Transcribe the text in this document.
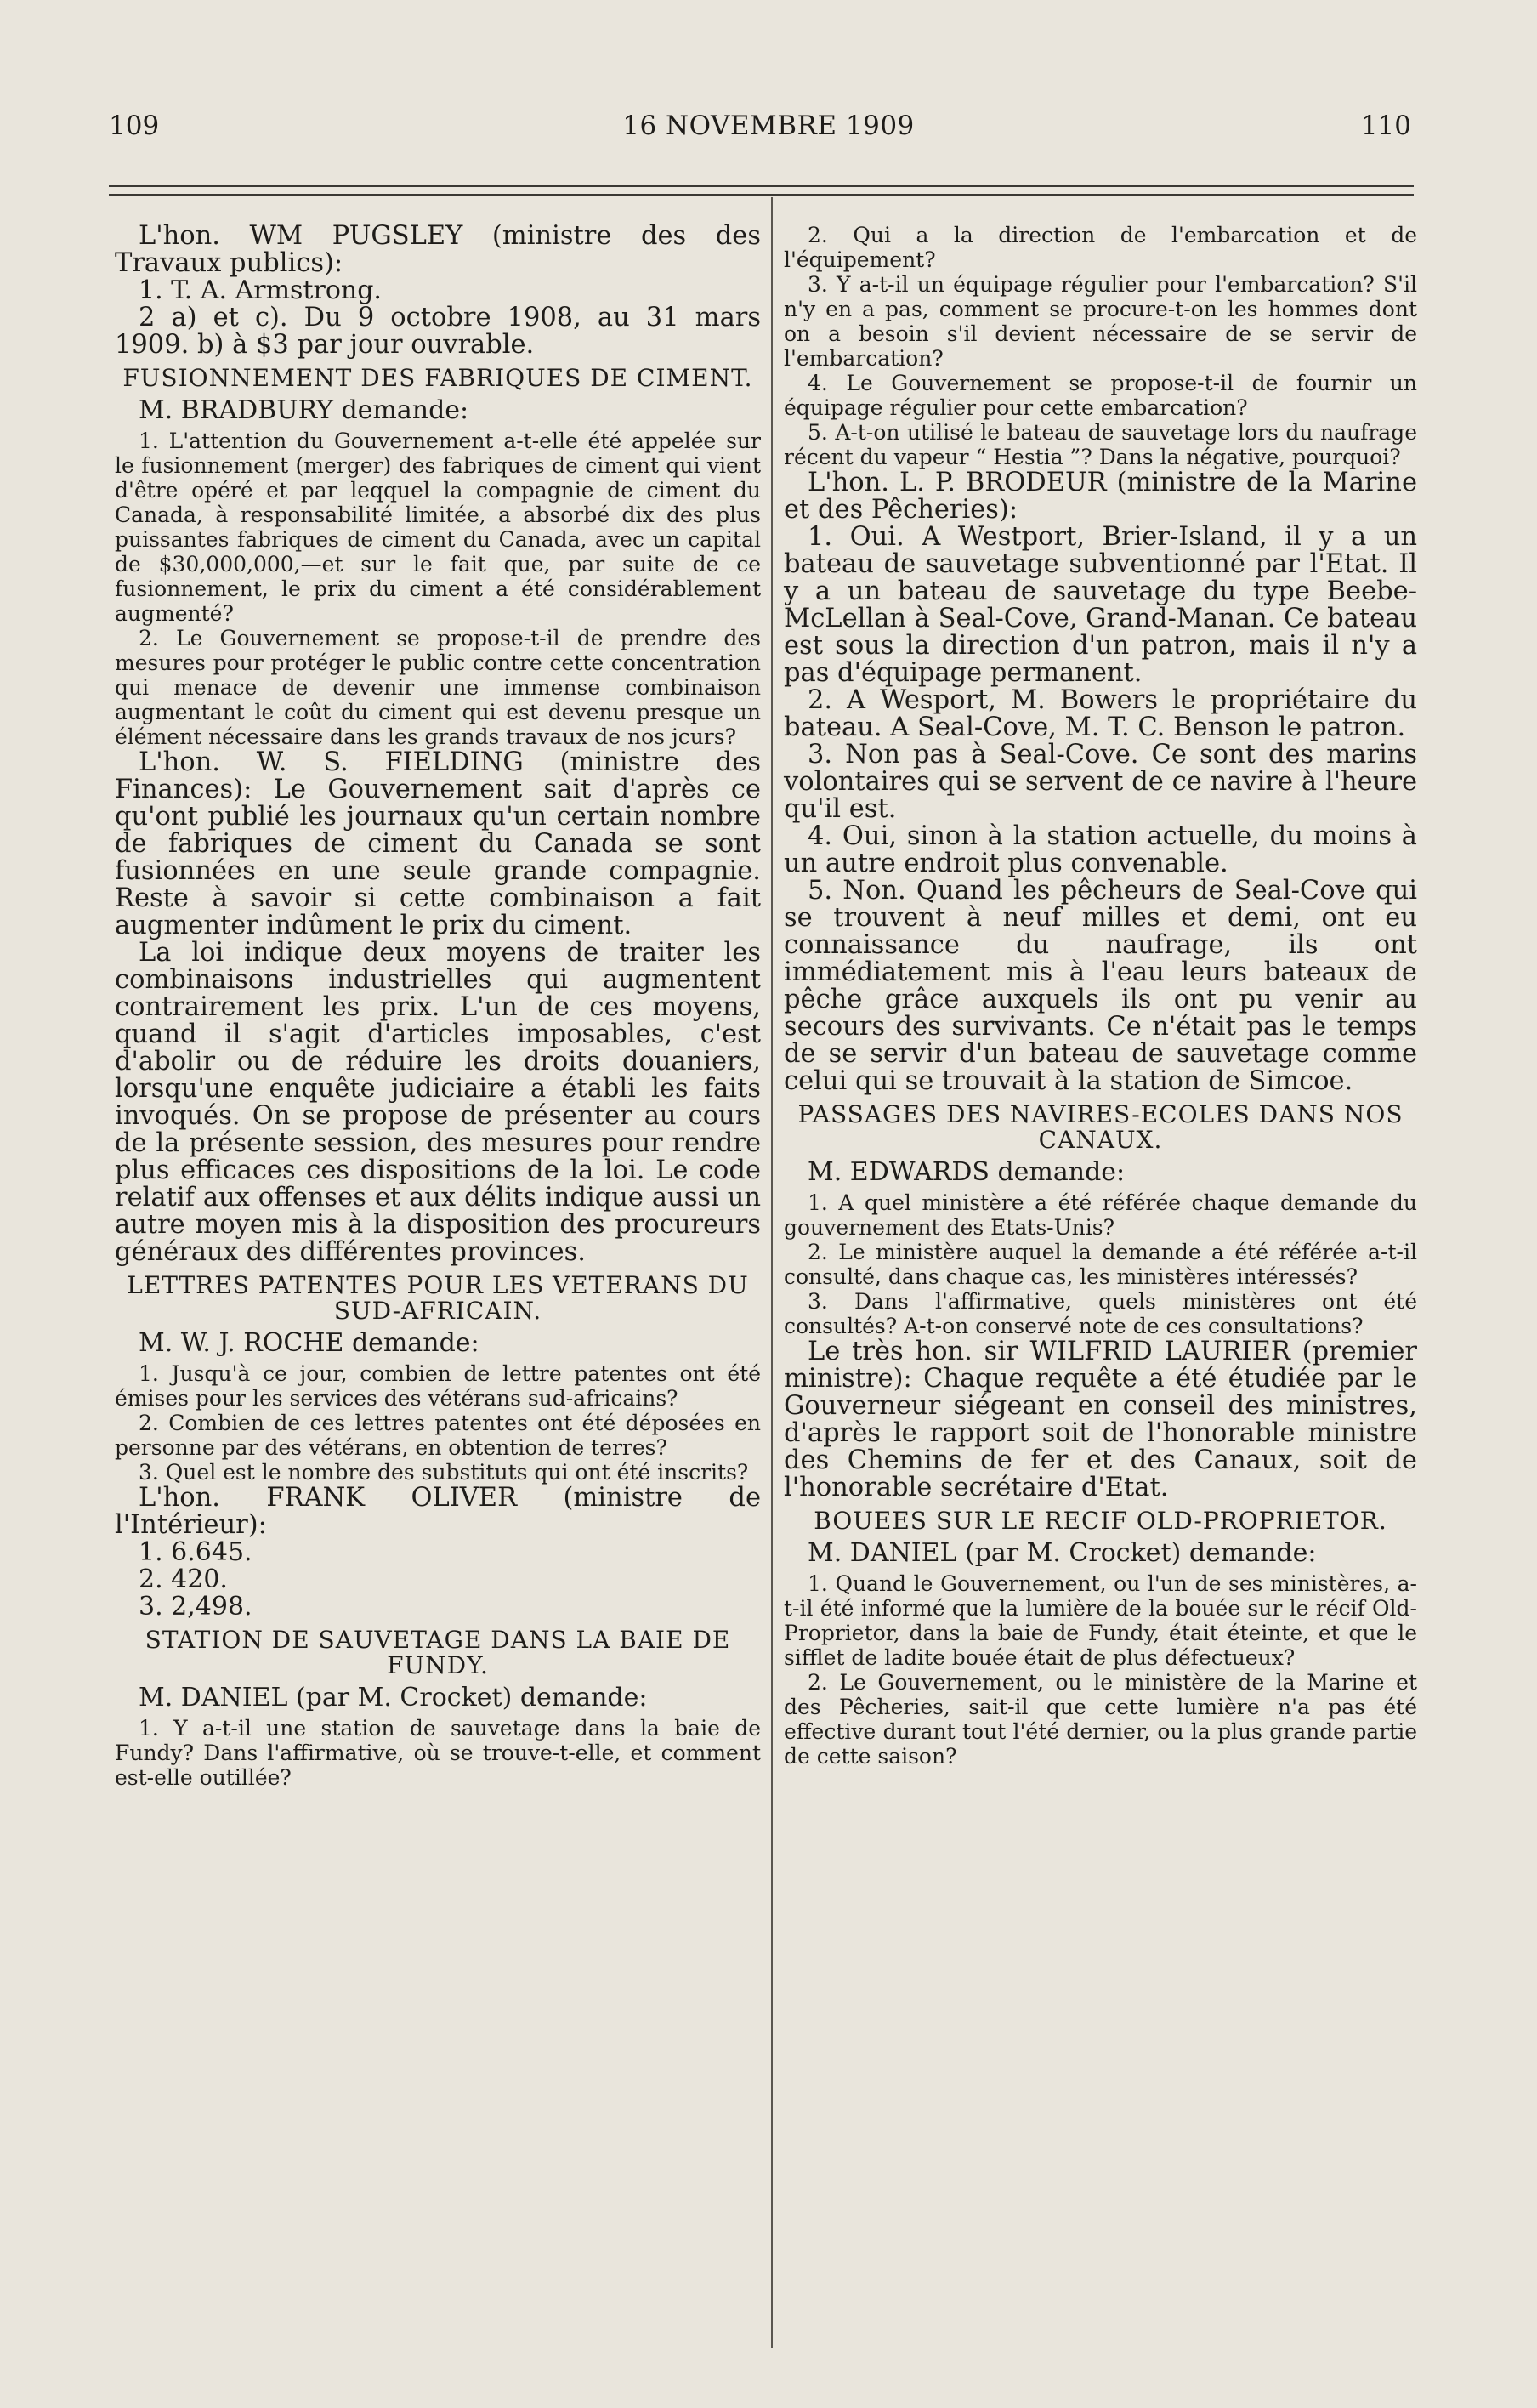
109	16 NOVEMBRE 1909	110

L'hon. WM PUGSLEY (ministre des des Travaux publics):

1. T. A. Armstrong.

2 a) et c). Du 9 octobre 1908, au 31 mars 1909. b) à $3 par jour ouvrable.

FUSIONNEMENT DES FABRIQUES DE CIMENT.

M. BRADBURY demande:

1. L'attention du Gouvernement a-t-elle été appelée sur le fusionnement (merger) des fabriques de ciment qui vient d'être opéré et par leqquel la compagnie de ciment du Canada, à responsabilité limitée, a absorbé dix des plus puissantes fabriques de ciment du Canada, avec un capital de $30,000,000,—et sur le fait que, par suite de ce fusionnement, le prix du ciment a été considérablement augmenté?

2. Le Gouvernement se propose-t-il de prendre des mesures pour protéger le public contre cette concentration qui menace de devenir une immense combinaison augmentant le coût du ciment qui est devenu presque un élément nécessaire dans les grands travaux de nos jcurs?

L'hon. W. S. FIELDING (ministre des Finances): Le Gouvernement sait d'après ce qu'ont publié les journaux qu'un certain nombre de fabriques de ciment du Canada se sont fusionnées en une seule grande compagnie. Reste à savoir si cette combinaison a fait augmenter indûment le prix du ciment.

La loi indique deux moyens de traiter les combinaisons industrielles qui augmentent contrairement les prix. L'un de ces moyens, quand il s'agit d'articles imposables, c'est d'abolir ou de réduire les droits douaniers, lorsqu'une enquête judiciaire a établi les faits invoqués. On se propose de présenter au cours de la présente session, des mesures pour rendre plus efficaces ces dispositions de la loi. Le code relatif aux offenses et aux délits indique aussi un autre moyen mis à la disposition des procureurs généraux des différentes provinces.

LETTRES PATENTES POUR LES VETERANS DU SUD-AFRICAIN.

M. W. J. ROCHE demande:

1. Jusqu'à ce jour, combien de lettre patentes ont été émises pour les services des vétérans sud-africains?

2. Combien de ces lettres patentes ont été déposées en personne par des vétérans, en obtention de terres?

3. Quel est le nombre des substituts qui ont été inscrits?

L'hon. FRANK OLIVER (ministre de l'Intérieur):

1. 6.645.

2. 420.

3. 2,498.

STATION DE SAUVETAGE DANS LA BAIE DE FUNDY.

M. DANIEL (par M. Crocket) demande:

1. Y a-t-il une station de sauvetage dans la baie de Fundy? Dans l'affirmative, où se trouve-t-elle, et comment est-elle outillée?

2. Qui a la direction de l'embarcation et de l'équipement?

3. Y a-t-il un équipage régulier pour l'embarcation? S'il n'y en a pas, comment se procure-t-on les hommes dont on a besoin s'il devient nécessaire de se servir de l'embarcation?

4. Le Gouvernement se propose-t-il de fournir un équipage régulier pour cette embarcation?

5. A-t-on utilisé le bateau de sauvetage lors du naufrage récent du vapeur “ Hestia ”? Dans la négative, pourquoi?

L'hon. L. P. BRODEUR (ministre de la Marine et des Pêcheries):

1. Oui. A Westport, Brier-Island, il y a un bateau de sauvetage subventionné par l'Etat. Il y a un bateau de sauvetage du type Beebe-McLellan à Seal-Cove, Grand-Manan. Ce bateau est sous la direction d'un patron, mais il n'y a pas d'équipage permanent.

2. A Wesport, M. Bowers le propriétaire du bateau. A Seal-Cove, M. T. C. Benson le patron.

3. Non pas à Seal-Cove. Ce sont des marins volontaires qui se servent de ce navire à l'heure qu'il est.

4. Oui, sinon à la station actuelle, du moins à un autre endroit plus convenable.

5. Non. Quand les pêcheurs de Seal-Cove qui se trouvent à neuf milles et demi, ont eu connaissance du naufrage, ils ont immédiatement mis à l'eau leurs bateaux de pêche grâce auxquels ils ont pu venir au secours des survivants. Ce n'était pas le temps de se servir d'un bateau de sauvetage comme celui qui se trouvait à la station de Simcoe.

PASSAGES DES NAVIRES-ECOLES DANS NOS CANAUX.

M. EDWARDS demande:

1. A quel ministère a été référée chaque demande du gouvernement des Etats-Unis?

2. Le ministère auquel la demande a été référée a-t-il consulté, dans chaque cas, les ministères intéressés?

3. Dans l'affirmative, quels ministères ont été consultés? A-t-on conservé note de ces consultations?

Le très hon. sir WILFRID LAURIER (premier ministre): Chaque requête a été étudiée par le Gouverneur siégeant en conseil des ministres, d'après le rapport soit de l'honorable ministre des Chemins de fer et des Canaux, soit de l'honorable secrétaire d'Etat.

BOUEES SUR LE RECIF OLD-PROPRIETOR.

M. DANIEL (par M. Crocket) demande:

1. Quand le Gouvernement, ou l'un de ses ministères, a-t-il été informé que la lumière de la bouée sur le récif Old-Proprietor, dans la baie de Fundy, était éteinte, et que le sifflet de ladite bouée était de plus défectueux?

2. Le Gouvernement, ou le ministère de la Marine et des Pêcheries, sait-il que cette lumière n'a pas été effective durant tout l'été dernier, ou la plus grande partie de cette saison?
